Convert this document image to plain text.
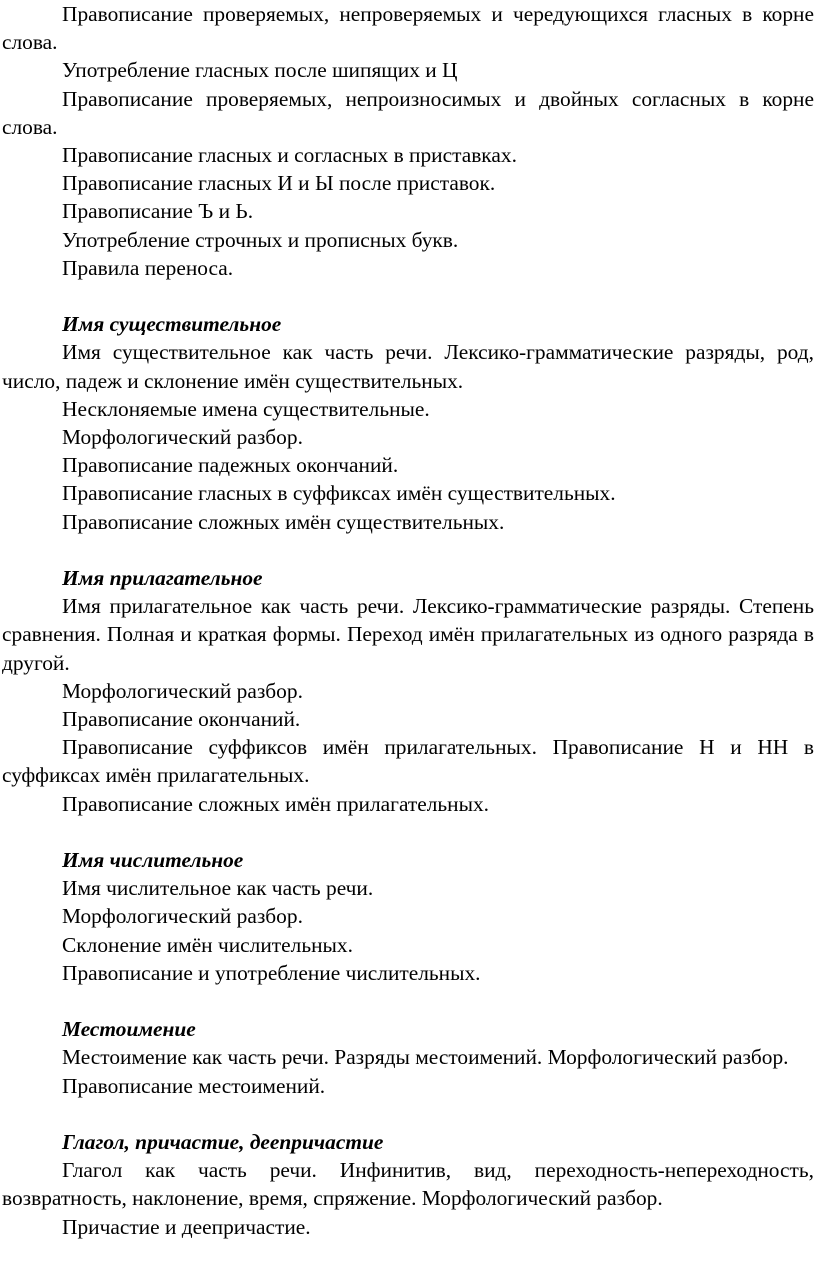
Правописание проверяемых, непроверяемых и чередующихся гласных в корне слова.

Употребление гласных после шипящих и Ц

Правописание проверяемых, непроизносимых и двойных согласных в корне слова.

Правописание гласных и согласных в приставках.

Правописание гласных И и Ы после приставок.

Правописание Ъ и Ь.

Употребление строчных и прописных букв.

Правила переноса.

Имя существительное

Имя существительное как часть речи. Лексико-грамматические разряды, род, число, падеж и склонение имён существительных.

Несклоняемые имена существительные.

Морфологический разбор.

Правописание падежных окончаний.

Правописание гласных в суффиксах имён существительных.

Правописание сложных имён существительных.

Имя прилагательное

Имя прилагательное как часть речи. Лексико-грамматические разряды. Степень сравнения. Полная и краткая формы. Переход имён прилагательных из одного разряда в другой.

Морфологический разбор.

Правописание окончаний.

Правописание суффиксов имён прилагательных. Правописание Н и НН в суффиксах имён прилагательных.

Правописание сложных имён прилагательных.

Имя числительное

Имя числительное как часть речи.

Морфологический разбор.

Склонение имён числительных.

Правописание и употребление числительных.

Местоимение

Местоимение как часть речи. Разряды местоимений. Морфологический разбор.

Правописание местоимений.

Глагол, причастие, деепричастие

Глагол как часть речи. Инфинитив, вид, переходность-непереходность, возвратность, наклонение, время, спряжение. Морфологический разбор.

Причастие и деепричастие.
